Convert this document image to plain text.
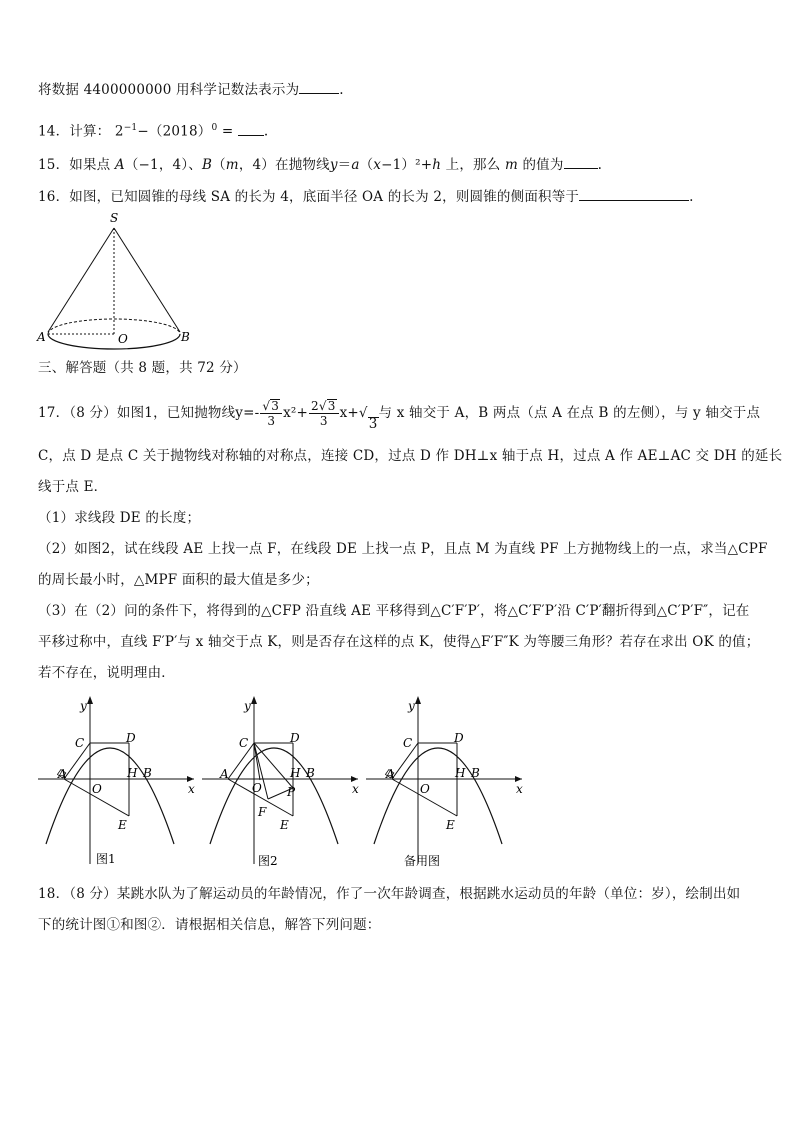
将数据 4400000000 用科学记数法表示为	.
14．计算： $2^{-1}-(2018)^0$ = .
15．如果点 A（−1，4）、B（m，4）在抛物线y＝a（x−1）²+h 上，那么 m 的值为	.
16．如图，已知圆锥的母线 SA 的长为 4，底面半径 OA 的长为 2，则圆锥的侧面积等于	.
S
A	O	B
三、解答题（共 8 题，共 72 分）
17．（8 分）如图1，已知抛物线$y=- \frac{√ 3}{3} x^2+ \frac{2√ 3}{3} x+√$
3
与 x 轴交于 A，B 两点（点 A 在点 B 的左侧），与 y 轴交于点
C，点 D 是点 C 关于抛物线对称轴的对称点，连接 CD，过点 D 作 DH⊥x 轴于点 H，过点 A 作 AE⊥AC 交 DH 的延长
线于点 E．
（1）求线段 DE 的长度；
（2）如图2，试在线段 AE 上找一点 F，在线段 DE 上找一点 P，且点 M 为直线 PF 上方抛物线上的一点，求当△CPF
的周长最小时，△MPF 面积的最大值是多少；
（3）在（2）问的条件下，将得到的△CFP 沿直线 AE 平移得到△C′F′P′，将△C′F′P′沿 C′P′翻折得到△C′P′F″，记在
平移过称中，直线 F′P′与 x 轴交于点 K，则是否存在这样的点 K，使得△F′F″K 为等腰三角形？若存在求出 OK 的值；
若不存在，说明理由．
y
x
C	D
A
O
H B
E
图1
y
x
C	D
A
O
H B
E
F
P
图2
y
x
C	D
A
O
H B
E
备用图
18．（8 分）某跳水队为了解运动员的年龄情况，作了一次年龄调查，根据跳水运动员的年龄（单位：岁），绘制出如
下的统计图①和图②．请根据相关信息，解答下列问题：
